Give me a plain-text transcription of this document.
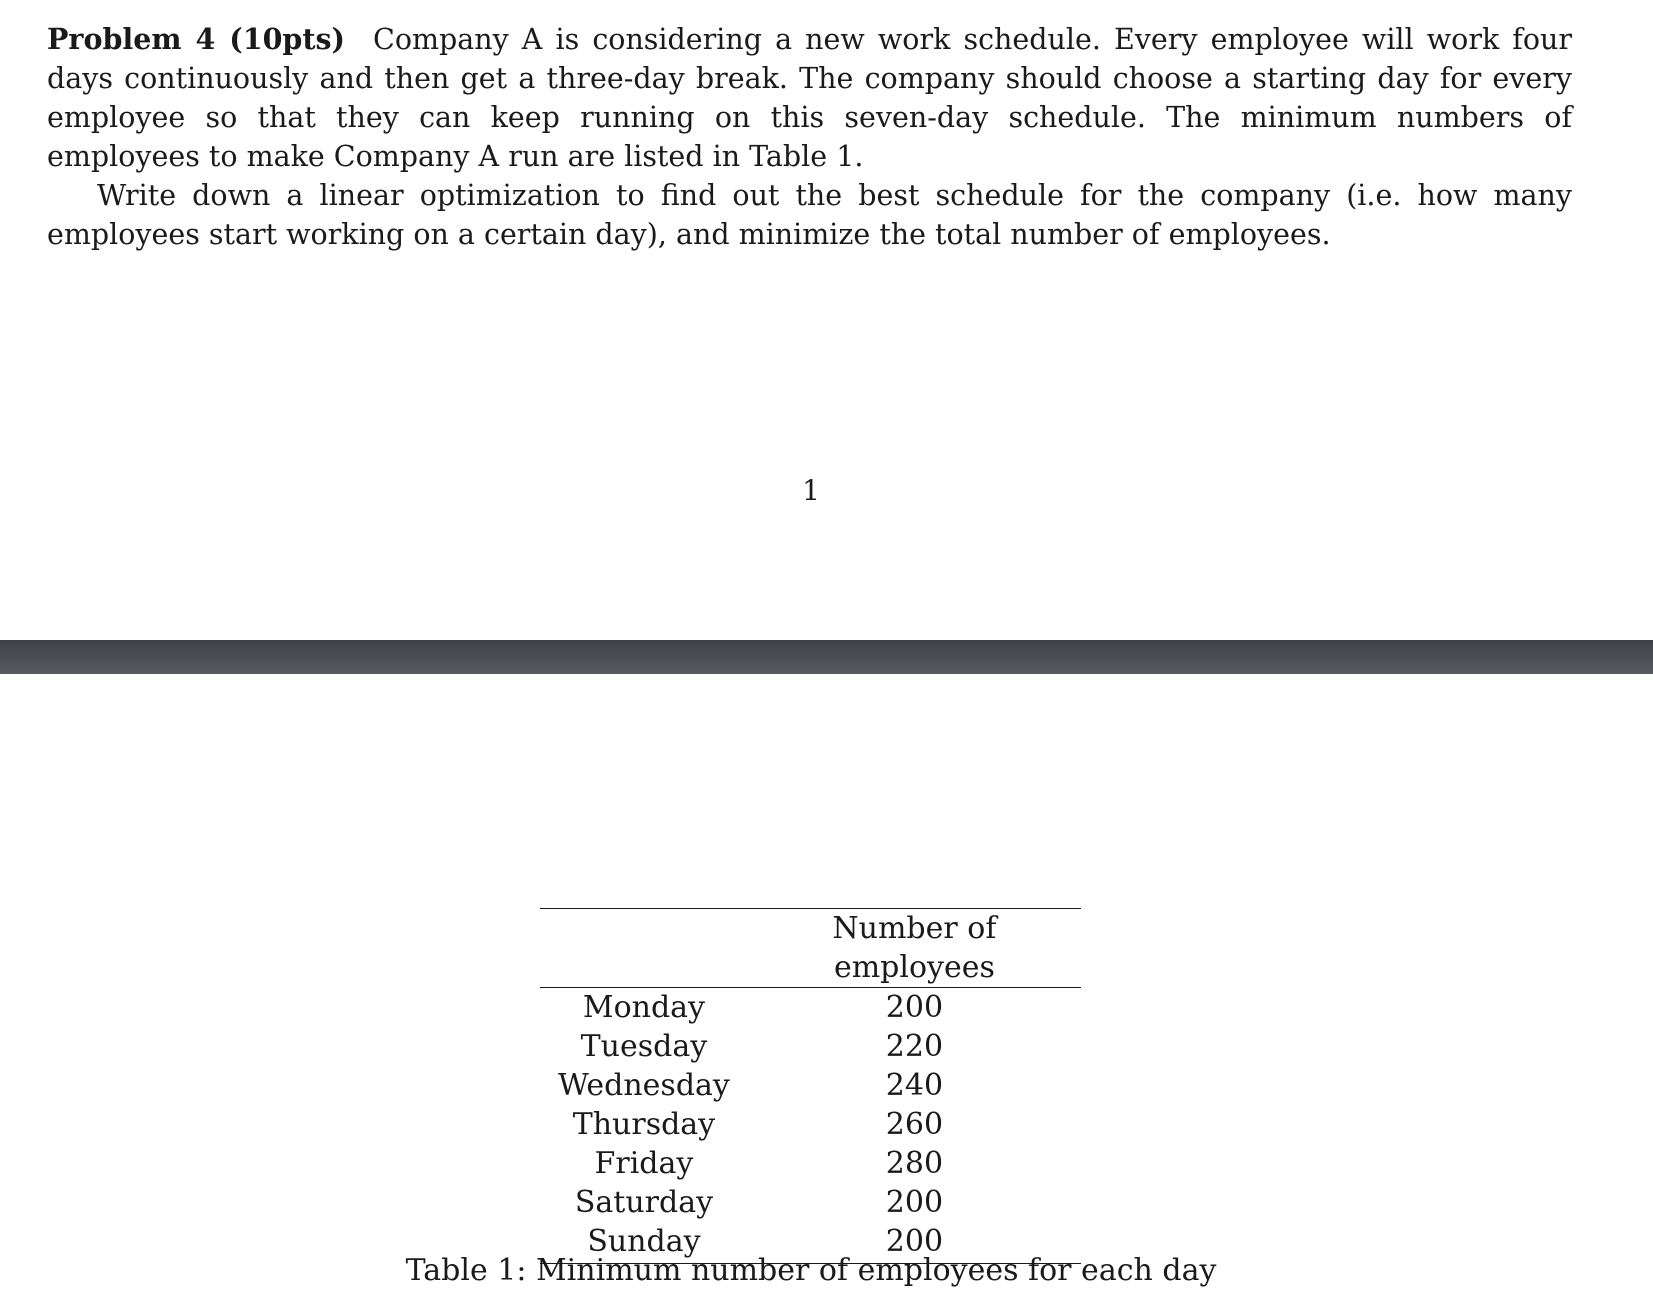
Problem 4 (10pts) Company A is considering a new work schedule. Every employee will work four days continuously and then get a three-day break. The company should choose a starting day for every employee so that they can keep running on this seven-day schedule. The minimum numbers of employees to make Company A run are listed in Table 1.

Write down a linear optimization to find out the best schedule for the company (i.e. how many employees start working on a certain day), and minimize the total number of employees.

1
	Number of employees
Monday	200
Tuesday	220
Wednesday	240
Thursday	260
Friday	280
Saturday	200
Sunday	200
Table 1: Minimum number of employees for each day
